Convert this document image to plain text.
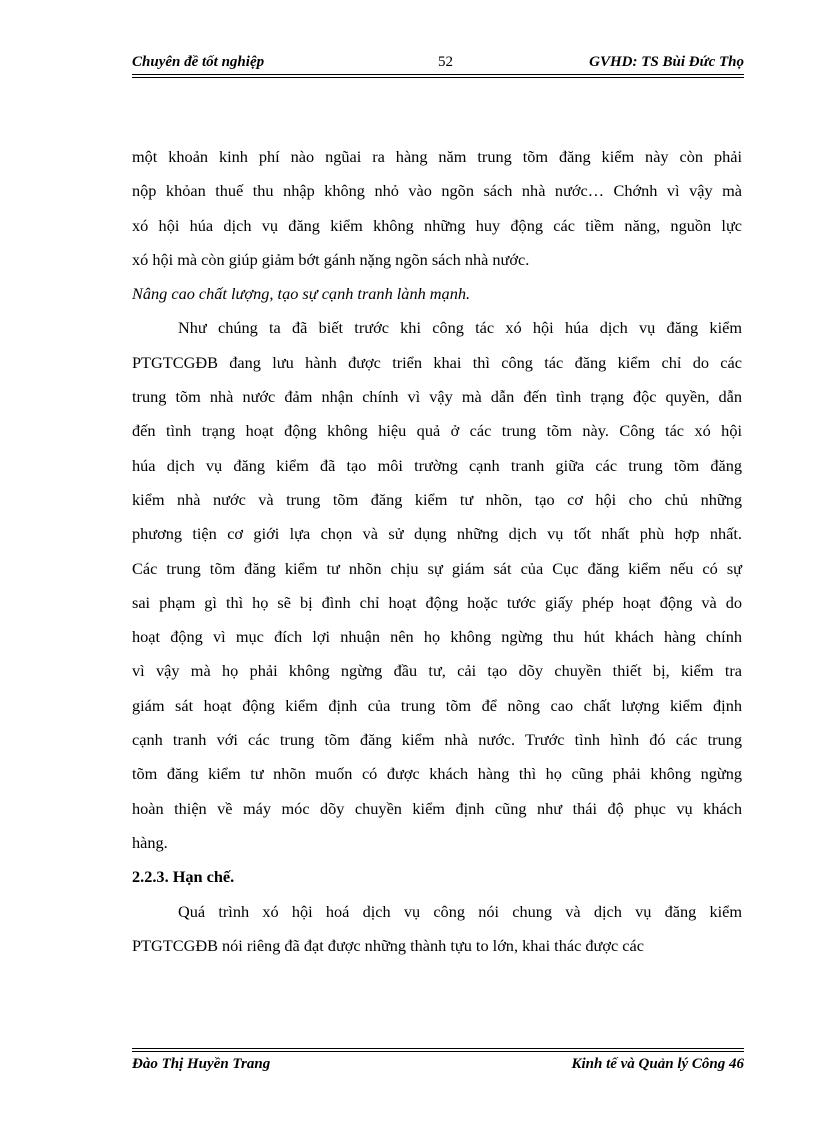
Chuyên đề tốt nghiệp	52	GVHD: TS Bùi Đức Thọ
một khoản kinh phí nào ngũai ra hàng năm trung tõm đăng kiểm này còn phải
nộp khỏan thuế thu nhập không nhỏ vào ngõn sách nhà nước… Chớnh vì vậy mà
xó hội húa dịch vụ đăng kiểm không những huy động các tiềm năng, nguồn lực
xó hội mà còn giúp giảm bớt gánh nặng ngõn sách nhà nước.
Nâng cao chất lượng, tạo sự cạnh tranh lành mạnh.
Như chúng ta đã biết trước khi công tác xó hội húa dịch vụ đăng kiểm
PTGTCGĐB đang lưu hành được triển khai thì công tác đăng kiểm chỉ do các
trung tõm nhà nước đảm nhận chính vì vậy mà dẫn đến tình trạng độc quyền, dẫn
đến tình trạng hoạt động không hiệu quả ở các trung tõm này. Công tác xó hội
húa dịch vụ đăng kiểm đã tạo môi trường cạnh tranh giữa các trung tõm đăng
kiểm nhà nước và trung tõm đăng kiểm tư nhõn, tạo cơ hội cho chủ những
phương tiện cơ giới lựa chọn và sử dụng những dịch vụ tốt nhất phù hợp nhất.
Các trung tõm đăng kiểm tư nhõn chịu sự giám sát của Cục đăng kiểm nếu có sự
sai phạm gì thì họ sẽ bị đình chỉ hoạt động hoặc tước giấy phép hoạt động và do
hoạt động vì mục đích lợi nhuận nên họ không ngừng thu hút khách hàng chính
vì vậy mà họ phải không ngừng đầu tư, cải tạo dõy chuyền thiết bị, kiểm tra
giám sát hoạt động kiểm định của trung tõm để nõng cao chất lượng kiểm định
cạnh tranh với các trung tõm đăng kiểm nhà nước. Trước tình hình đó các trung
tõm đăng kiểm tư nhõn muốn có được khách hàng thì họ cũng phải không ngừng
hoàn thiện về máy móc dõy chuyền kiểm định cũng như thái độ phục vụ khách
hàng.
2.2.3. Hạn chế.
Quá trình xó hội hoá dịch vụ công nói chung và dịch vụ đăng kiểm
PTGTCGĐB nói riêng đã đạt được những thành tựu to lớn, khai thác được các
Đào Thị Huyền Trang	Kinh tế và Quản lý Công 46
